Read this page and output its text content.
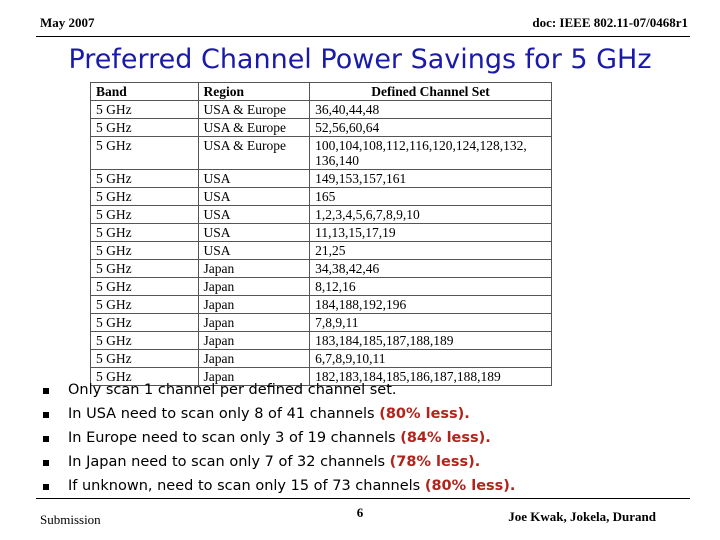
May 2007	doc: IEEE 802.11-07/0468r1
Preferred Channel Power Savings for 5 GHz
Band	Region	Defined Channel Set
5 GHz	USA & Europe	36,40,44,48
5 GHz	USA & Europe	52,56,60,64
5 GHz	USA & Europe	100,104,108,112,116,120,124,128,132,
136,140
5 GHz	USA	149,153,157,161
5 GHz	USA	165
5 GHz	USA	1,2,3,4,5,6,7,8,9,10
5 GHz	USA	11,13,15,17,19
5 GHz	USA	21,25
5 GHz	Japan	34,38,42,46
5 GHz	Japan	8,12,16
5 GHz	Japan	184,188,192,196
5 GHz	Japan	7,8,9,11
5 GHz	Japan	183,184,185,187,188,189
5 GHz	Japan	6,7,8,9,10,11
5 GHz	Japan	182,183,184,185,186,187,188,189
Only scan 1 channel per defined channel set.
In USA need to scan only 8 of 41 channels (80% less).
In Europe need to scan only 3 of 19 channels (84% less).
In Japan need to scan only 7 of 32 channels (78% less).
If unknown, need to scan only 15 of 73 channels (80% less).
Submission	6	Joe Kwak, Jokela, Durand
